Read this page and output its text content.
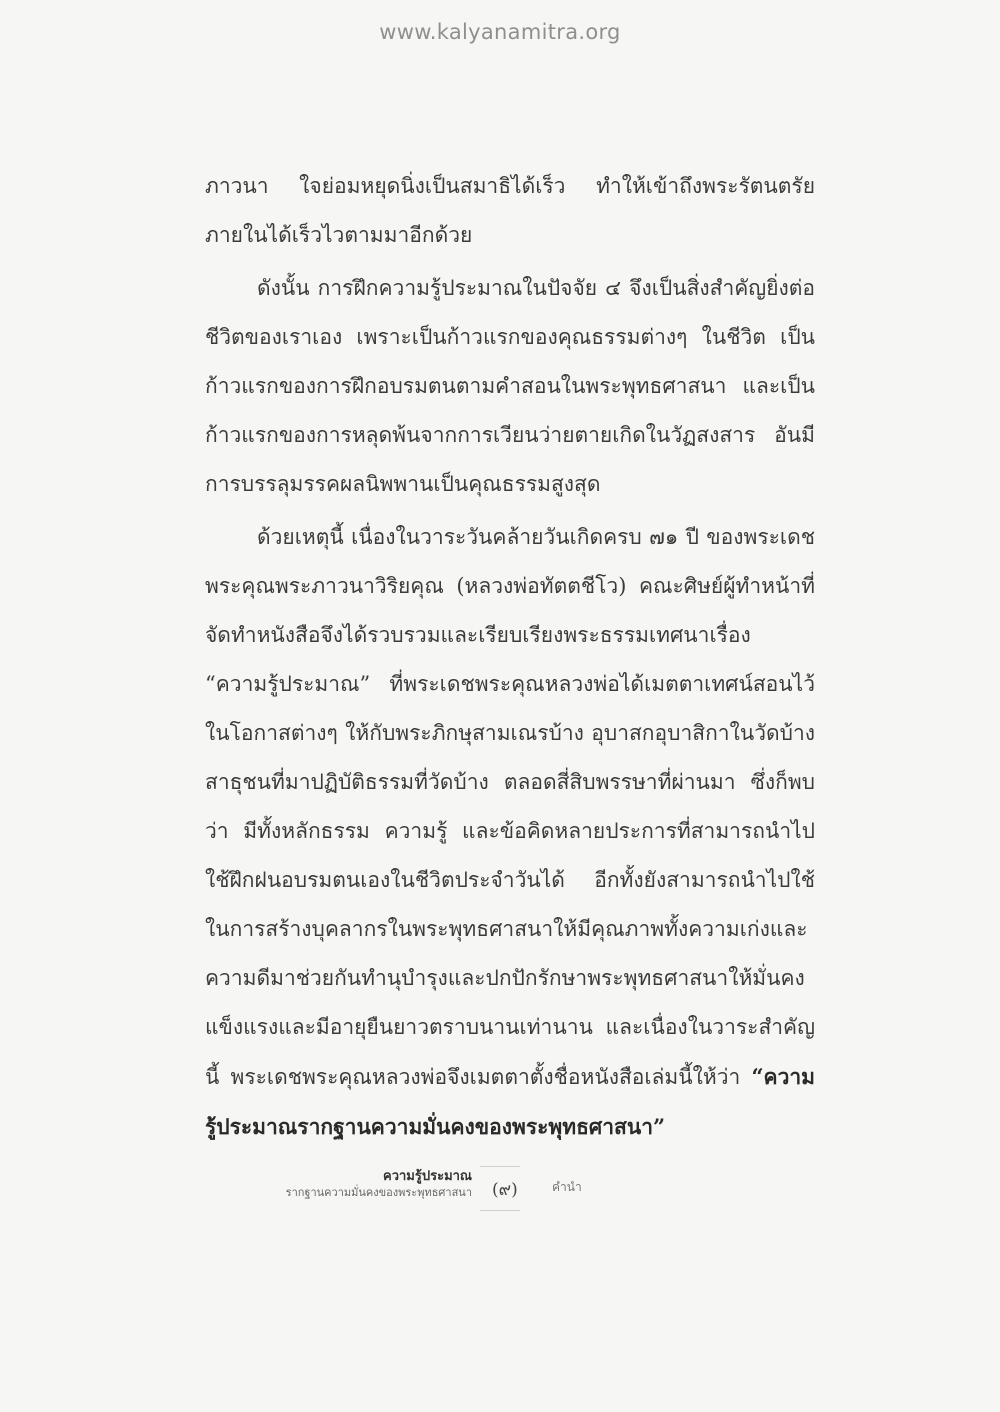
www.kalyanamitra.org

ภาวนา ใจย่อมหยุดนิ่งเป็นสมาธิได้เร็ว ทำให้เข้าถึงพระรัตนตรัยภายในได้เร็วไวตามมาอีกด้วย

ดังนั้น การฝึกความรู้ประมาณในปัจจัย ๔ จึงเป็นสิ่งสำคัญยิ่งต่อชีวิตของเราเอง เพราะเป็นก้าวแรกของคุณธรรมต่างๆ ในชีวิต เป็นก้าวแรกของการฝึกอบรมตนตามคำสอนในพระพุทธศาสนา และเป็นก้าวแรกของการหลุดพ้นจากการเวียนว่ายตายเกิดในวัฏสงสาร อันมีการบรรลุมรรคผลนิพพานเป็นคุณธรรมสูงสุด

ด้วยเหตุนี้ เนื่องในวาระวันคล้ายวันเกิดครบ ๗๑ ปี ของพระเดชพระคุณพระภาวนาวิริยคุณ (หลวงพ่อทัตตชีโว) คณะศิษย์ผู้ทำหน้าที่จัดทำหนังสือจึงได้รวบรวมและเรียบเรียงพระธรรมเทศนาเรื่อง “ความรู้ประมาณ” ที่พระเดชพระคุณหลวงพ่อได้เมตตาเทศน์สอนไว้ในโอกาสต่างๆ ให้กับพระภิกษุสามเณรบ้าง อุบาสกอุบาสิกาในวัดบ้าง สาธุชนที่มาปฏิบัติธรรมที่วัดบ้าง ตลอดสี่สิบพรรษาที่ผ่านมา ซึ่งก็พบว่า มีทั้งหลักธรรม ความรู้ และข้อคิดหลายประการที่สามารถนำไปใช้ฝึกฝนอบรมตนเองในชีวิตประจำวันได้ อีกทั้งยังสามารถนำไปใช้ในการสร้างบุคลากรในพระพุทธศาสนาให้มีคุณภาพทั้งความเก่งและความดีมาช่วยกันทำนุบำรุงและปกปักรักษาพระพุทธศาสนาให้มั่นคงแข็งแรงและมีอายุยืนยาวตราบนานเท่านาน และเนื่องในวาระสำคัญนี้ พระเดชพระคุณหลวงพ่อจึงเมตตาตั้งชื่อหนังสือเล่มนี้ให้ว่า “ความรู้ประมาณรากฐานความมั่นคงของพระพุทธศาสนา”

ความรู้ประมาณ
รากฐานความมั่นคงของพระพุทธศาสนา (๙)	คำนำ
